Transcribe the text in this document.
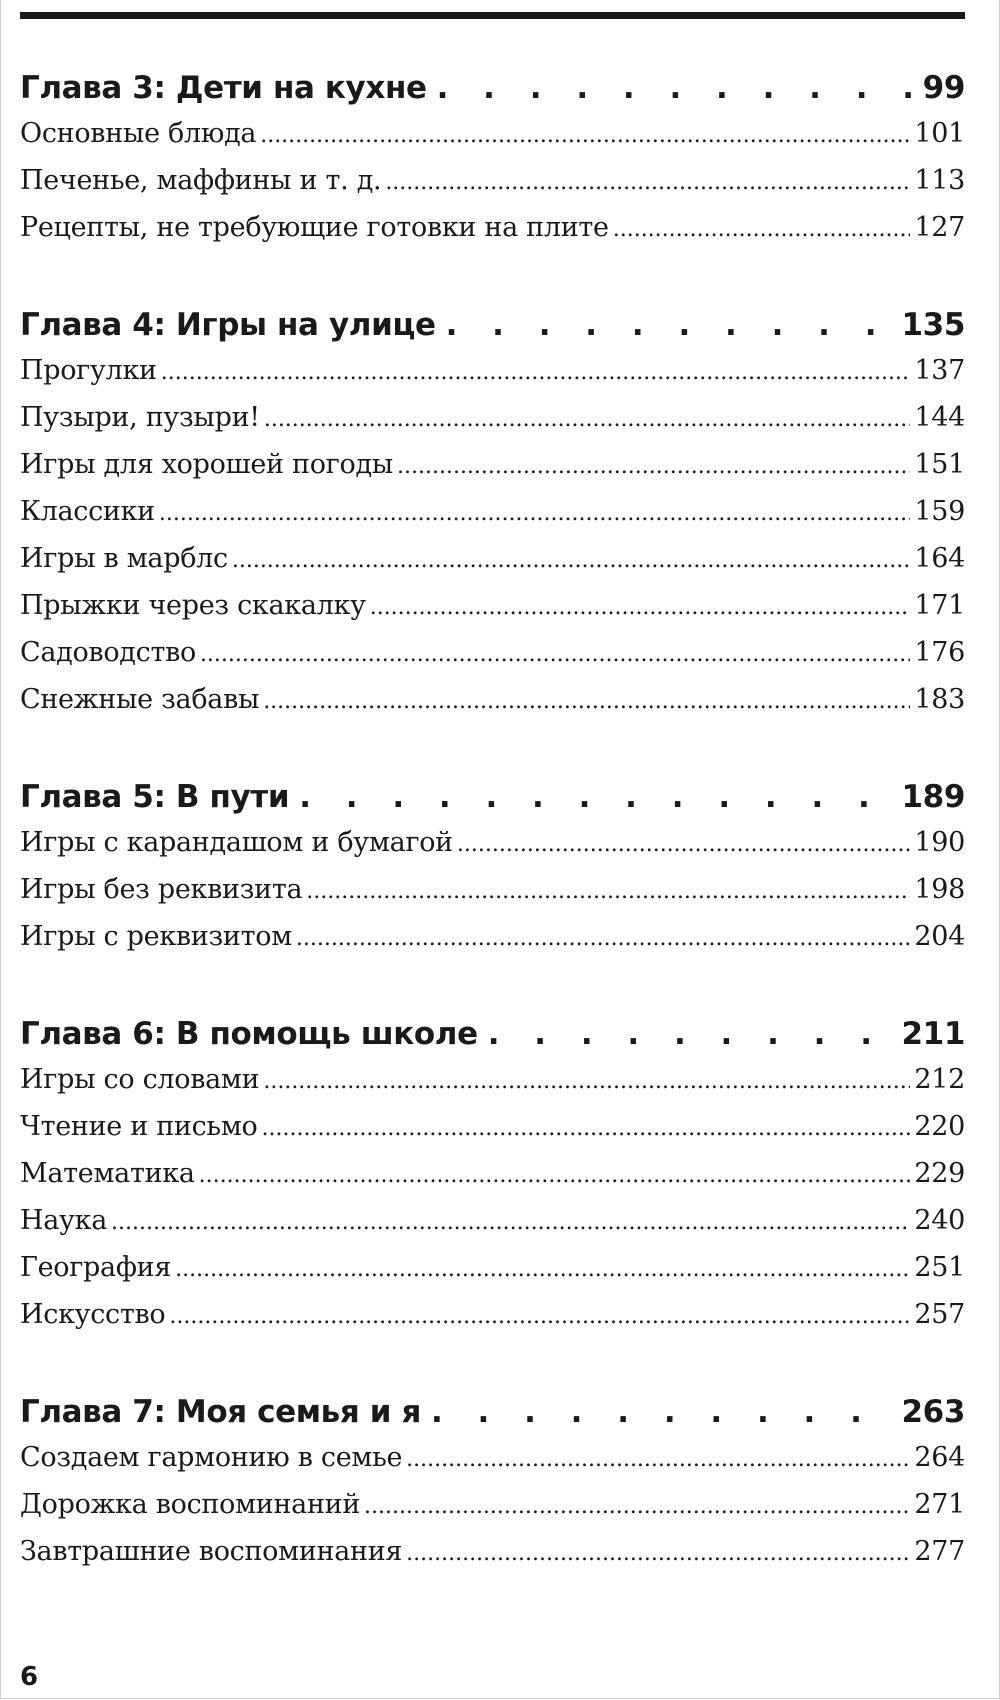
Глава 3: Дети на кухне . . .	99
Основные блюда .....	101
Печенье, маффины и т. д. .....	113
Рецепты, не требующие готовки на плите .....	127
Глава 4: Игры на улице . . .	135
Прогулки .....	137
Пузыри, пузыри! .....	144
Игры для хорошей погоды .....	151
Классики .....	159
Игры в марблс .....	164
Прыжки через скакалку .....	171
Садоводство .....	176
Снежные забавы .....	183
Глава 5: В пути . . .	189
Игры с карандашом и бумагой .....	190
Игры без реквизита .....	198
Игры с реквизитом .....	204
Глава 6: В помощь школе . . .	211
Игры со словами .....	212
Чтение и письмо .....	220
Математика .....	229
Наука .....	240
География .....	251
Искусство .....	257
Глава 7: Моя семья и я . . .	263
Создаем гармонию в семье .....	264
Дорожка воспоминаний .....	271
Завтрашние воспоминания .....	277
6
